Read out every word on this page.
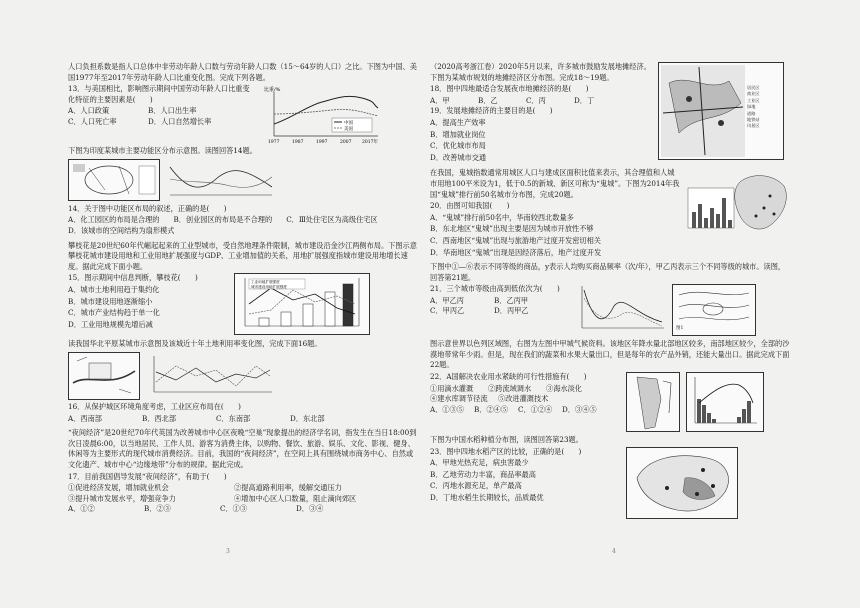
人口负担系数是指人口总体中非劳动年龄人口数与劳动年龄人口数（15～64岁的人口）之比。下图为中国、美国1977年至2017年劳动年龄人口比重变化图。完成下列各题。

13．与美国相比，影响图示期间中国劳动年龄人口比重变化特征的主要因素是(　　)

A．人口政策	B．人口出生率
C．人口死亡率	D．人口自然增长率
比重/%
中国
美国
1977	1987	1997	2007 2017年

下图为印度某城市主要功能区分布示意图。读图回答14题。

14．关于图中功能区布局的叙述，正确的是(　　)

A．化工园区的布局是合理的 B．创业园区的布局是不合理的 C．Ⅲ处住宅区为高级住宅区
D．该城市的空间结构为扇形模式

攀枝花是20世纪60年代崛起起来的工业型城市，受自然地理条件限制，城市建设沿金沙江两侧布局。下图示意攀枝花城市建设用地和工业用地扩展强度与GDP、工业增加值的关系，用地扩展强度指城市建设用地增长速度。据此完成下面小题。

15．图示期间中信息判断，攀枝花(　　)

A．城市土地利用趋于集约化

B．城市建设用地逐渐缩小

C．城市产业结构趋于单一化

D．工业用地规模先增后减

工业用地扩展强度
城市建设用地扩展强度

读我国华北平原某城市示意图及该城近十年土地利用率变化图，完成下面16题。

16．从保护城区环境角度考虑，工业区应布局在(　　)

A．西南部	B．西北部	C．东南部	D．东北部

“夜间经济”是20世纪70年代英国为改善城市中心区夜晚“空巢”现象提出的经济学名词，指发生在当日18:00到次日凌晨6:00，以当地居民、工作人员、游客为消费主体，以购物、餐饮、旅游、娱乐、文化、影视、健身、休闲等为主要形式的现代城市消费经济。目前，我国的“夜间经济”，在空间上具有围绕城市商务中心、自然或文化遗产、城市中心“边缘地带”分布的规律。据此完成。

17．目前我国倡导发展“夜间经济”，有助于(　　)

①促进经济发展，增加就业机会	②提高道路利用率，缓解交通压力
③提升城市发展水平，增强竞争力	④增加中心区人口数量，阻止滴向郊区
A．①②	B．②③	C．①③	D．③④

（2020高考浙江卷）2020年5月以来，许多城市鼓励发展地摊经济。下图为某城市规划的地摊经济区分布图。完成18～19题。

18．图中四地最适合发展夜市地摊经济的是(　　)

A．甲	B．乙	C．丙	D．丁

19．发展地摊经济的主要目的是(　　)

A．提高生产效率

B．增加就业岗位

C．优化城市布局

D．改善城市交通

居民区
商业区
工业区
绿地
道路
地铁站
风景区

在我国，鬼城指数通常用城区人口与建成区面积比值来表示，其合理值和人城市用地100平米设为1，低于0.5的新城、新区可称为“鬼城”。下图为2014年我国“鬼城”排行前50名城市分布图，完成20题。

20．由图可知我国(　　)

A．“鬼城”排行前50名中，华南较西北数量多

B．东北地区“鬼城”出现主要是因为城市开放性不够

C．西南地区“鬼城”出现与旅游地产过度开发密切相关

D．华南地区“鬼城”出现是因经济落后，地产过度开发

下图中①—⑥表示不同等级的商品，y表示人均购买商品频率（次/年），甲乙丙表示三个不同等级的城市。读图，回答第21题。

21．三个城市等级由高到低依次为(　　)

A．甲乙丙	B．乙丙甲
C．甲丙乙	D．丙甲乙
图1

图示意世界以色列区域图，右图为左图中甲城气候资料。该地区年降水量北部地区较多，南部地区较少，全部的沙漠地带常年少雨。但是，现在我们的蔬菜和水果大量出口，但是每年的农产品外销，还能大量出口。据此完成下面22题。

22．A国解决农业用水紧缺的可行性措施有(　　)

①用滴水灌溉	②跨流域调水	③海水淡化
④建水库调节径流	⑤改进灌溉技术
A．①③⑤ B．②④⑤ C．①②④ D．③④⑤

下图为中国水稻种植分布图，读图回答第23题。

23．图中四地水稻产区的比较，正确的是(　　)

A．甲地光热充足，病虫害最少

B．乙地劳动力丰富，商品率最高

C．丙地水源充足，单产最高

D．丁地水稻生长期较长，品质最优

3	4
